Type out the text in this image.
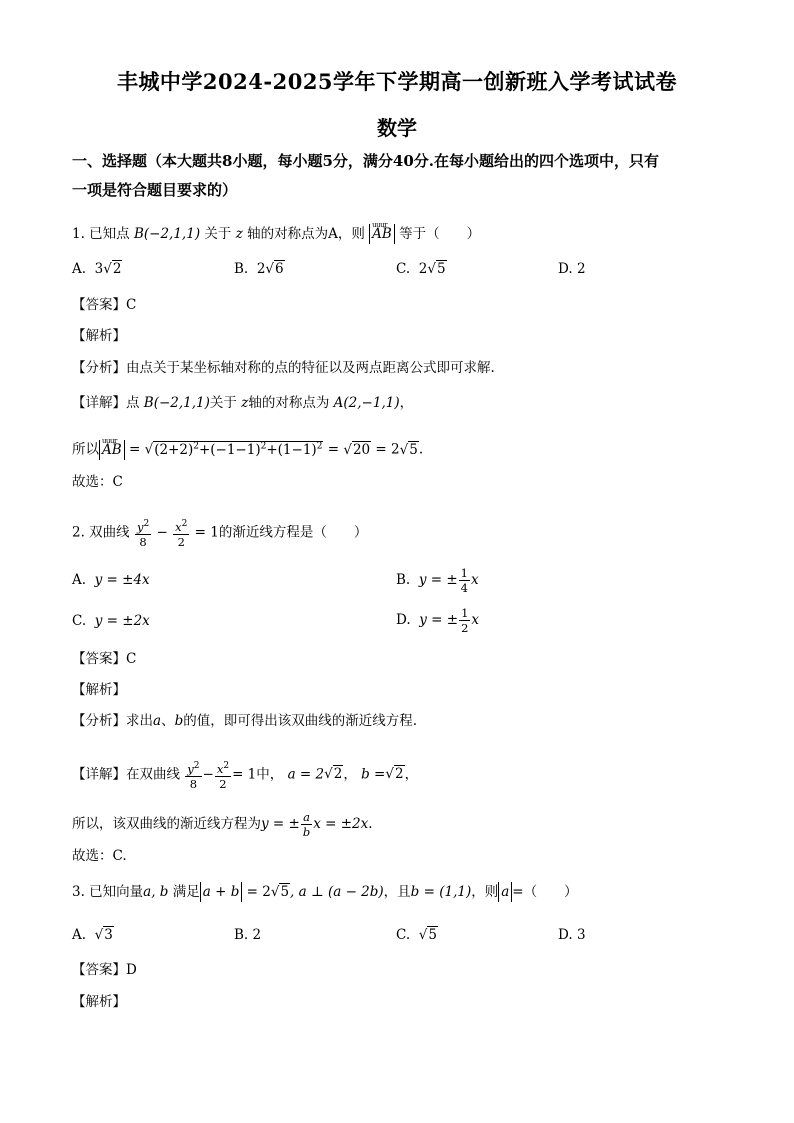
丰城中学2024-2025学年下学期高一创新班入学考试试卷
数学
一、选择题（本大题共8小题，每小题5分，满分40分.在每小题给出的四个选项中，只有
一项是符合题目要求的）
1. 已知点 B(−2,1,1) 关于 z 轴的对称点为A，则 uuur AB 等于（　　）
A. 3√2	B. 2√6	C. 2√5	D. 2
【答案】C
【解析】
【分析】由点关于某坐标轴对称的点的特征以及两点距离公式即可求解.
【详解】点 B(−2,1,1)关于 z轴的对称点为 A(2,−1,1)，
所以 uuur AB = $√(2+2)^2+(-1-1)^2+(1-1)^2 = √20 = 2√5$.
故选：C
2. 双曲线 $\frac{y^2}{8} - \frac{x^2}{2} = 1$的渐近线方程是（　　）
A. y = ±4x	B. y = ± $\frac{1}{4}$ x
C. y = ±2x	D. y = ± $\frac{1}{2}$ x
【答案】C
【解析】
【分析】求出a、b的值，即可得出该双曲线的渐近线方程.
【详解】在双曲线 $\frac{y^2}{8} - \frac{x^2}{2} = 1$中， a = 2√2， b =√2，
所以，该双曲线的渐近线方程为y = ± $\frac{a}{b}$ x = ±2x.
故选：C.
3. 已知向量a, b 满足 a + b = 2√5, a ⊥ (a − 2b)，且b = (1,1)，则 a =（　　）
A. √3	B. 2	C. √5	D. 3
【答案】D
【解析】
